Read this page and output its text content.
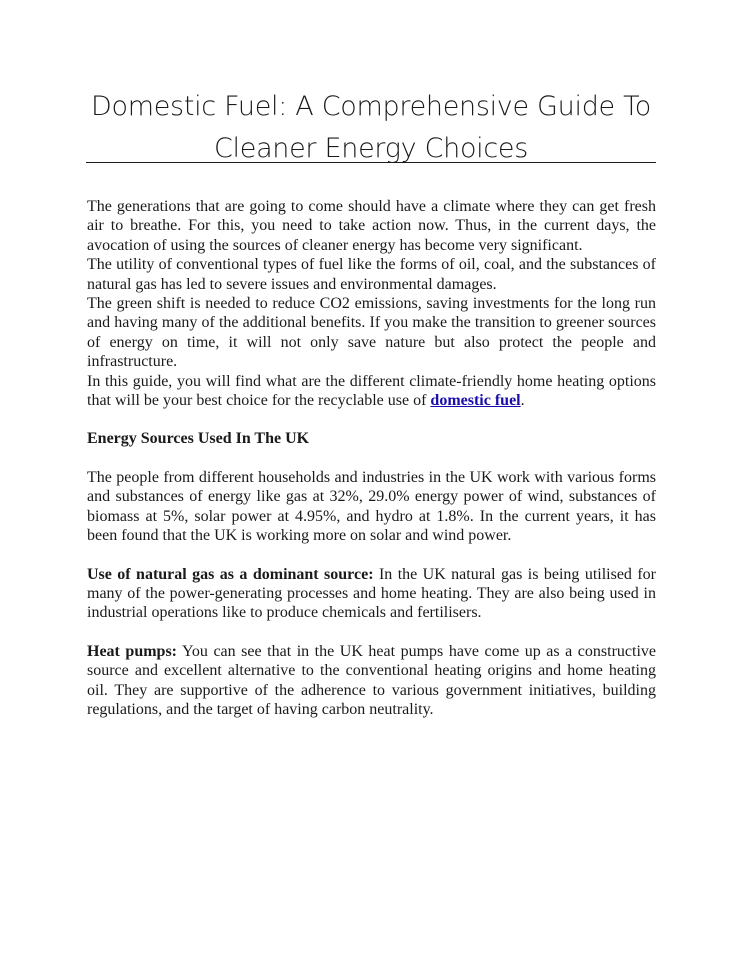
Domestic Fuel: A Comprehensive Guide To Cleaner Energy Choices

The generations that are going to come should have a climate where they can get fresh air to breathe. For this, you need to take action now. Thus, in the current days, the avocation of using the sources of cleaner energy has become very significant.

The utility of conventional types of fuel like the forms of oil, coal, and the substances of natural gas has led to severe issues and environmental damages.

The green shift is needed to reduce CO2 emissions, saving investments for the long run and having many of the additional benefits. If you make the transition to greener sources of energy on time, it will not only save nature but also protect the people and infrastructure.

In this guide, you will find what are the different climate-friendly home heating options that will be your best choice for the recyclable use of domestic fuel.

Energy Sources Used In The UK

The people from different households and industries in the UK work with various forms and substances of energy like gas at 32%, 29.0% energy power of wind, substances of biomass at 5%, solar power at 4.95%, and hydro at 1.8%. In the current years, it has been found that the UK is working more on solar and wind power.

Use of natural gas as a dominant source: In the UK natural gas is being utilised for many of the power-generating processes and home heating. They are also being used in industrial operations like to produce chemicals and fertilisers.

Heat pumps: You can see that in the UK heat pumps have come up as a constructive source and excellent alternative to the conventional heating origins and home heating oil. They are supportive of the adherence to various government initiatives, building regulations, and the target of having carbon neutrality.
